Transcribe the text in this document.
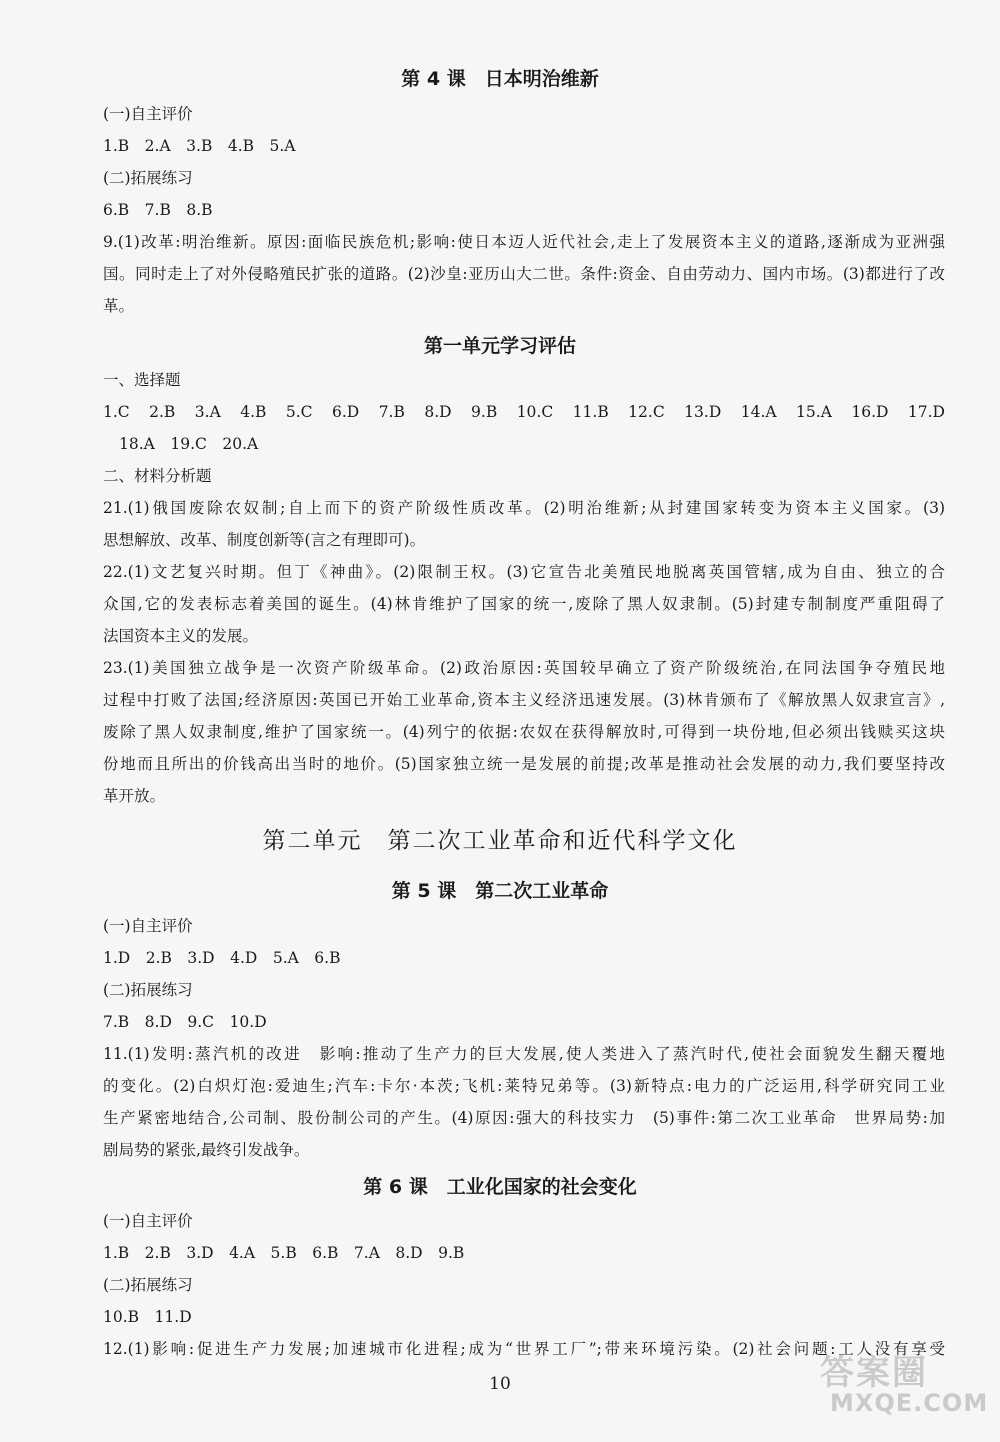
第 4 课　日本明治维新
(一)自主评价
1.B　2.A　3.B　4.B　5.A
(二)拓展练习
6.B　7.B　8.B
9.(1)改革:明治维新。原因:面临民族危机;影响:使日本迈人近代社会,走上了发展资本主义的道路,逐渐成为亚洲强
国。同时走上了对外侵略殖民扩张的道路。(2)沙皇:亚历山大二世。条件:资金、自由劳动力、国内市场。(3)都进行了改
革。
第一单元学习评估
一、选择题
1.C　2.B　3.A　4.B　5.C　6.D　7.B　8.D　9.B　10.C　11.B　12.C　13.D　14.A　15.A　16.D　17.D
18.A　19.C　20.A
二、材料分析题
21.(1)俄国废除农奴制;自上而下的资产阶级性质改革。(2)明治维新;从封建国家转变为资本主义国家。(3)
思想解放、改革、制度创新等(言之有理即可)。
22.(1)文艺复兴时期。但丁《神曲》。(2)限制王权。(3)它宣告北美殖民地脱离英国管辖,成为自由、独立的合
众国,它的发表标志着美国的诞生。(4)林肯维护了国家的统一,废除了黑人奴隶制。(5)封建专制制度严重阻碍了
法国资本主义的发展。
23.(1)美国独立战争是一次资产阶级革命。(2)政治原因:英国较早确立了资产阶级统治,在同法国争夺殖民地
过程中打败了法国;经济原因:英国已开始工业革命,资本主义经济迅速发展。(3)林肯颁布了《解放黑人奴隶宣言》,
废除了黑人奴隶制度,维护了国家统一。(4)列宁的依据:农奴在获得解放时,可得到一块份地,但必须出钱赎买这块
份地而且所出的价钱高出当时的地价。(5)国家独立统一是发展的前提;改革是推动社会发展的动力,我们要坚持改
革开放。
第二单元　第二次工业革命和近代科学文化
第 5 课　第二次工业革命
(一)自主评价
1.D　2.B　3.D　4.D　5.A　6.B
(二)拓展练习
7.B　8.D　9.C　10.D
11.(1)发明:蒸汽机的改进　影响:推动了生产力的巨大发展,使人类进入了蒸汽时代,使社会面貌发生翻天覆地
的变化。(2)白炽灯泡:爱迪生;汽车:卡尔·本茨;飞机:莱特兄弟等。(3)新特点:电力的广泛运用,科学研究同工业
生产紧密地结合,公司制、股份制公司的产生。(4)原因:强大的科技实力　(5)事件:第二次工业革命　世界局势:加
剧局势的紧张,最终引发战争。
第 6 课　工业化国家的社会变化
(一)自主评价
1.B　2.B　3.D　4.A　5.B　6.B　7.A　8.D　9.B
(二)拓展练习
10.B　11.D
12.(1)影响:促进生产力发展;加速城市化进程;成为“世界工厂”;带来环境污染。(2)社会问题:工人没有享受
10	答案圈
MXQE.COM
